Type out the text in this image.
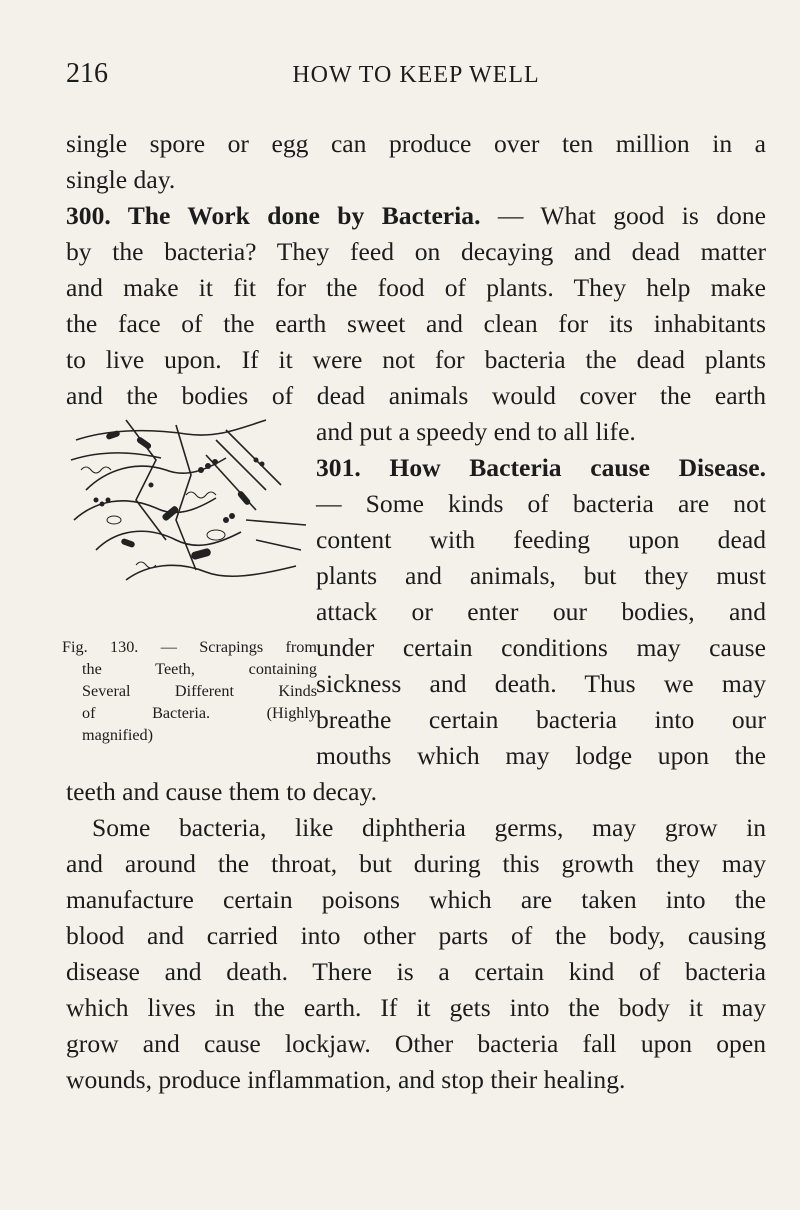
216	HOW TO KEEP WELL
single spore or egg can produce over ten million in a
single day.
300. The Work done by Bacteria. — What good is done
by the bacteria? They feed on decaying and dead matter
and make it fit for the food of plants. They help make
the face of the earth sweet and clean for its inhabitants
to live upon. If it were not for bacteria the dead plants
and the bodies of dead animals would cover the earth
and put a speedy end to all life.
301. How Bacteria cause Disease.
— Some kinds of bacteria are not
content with feeding upon dead
plants and animals, but they must
attack or enter our bodies, and
under certain conditions may cause
sickness and death. Thus we may
breathe certain bacteria into our
mouths which may lodge upon the
Fig. 130. — Scrapings from
the Teeth, containing
Several Different Kinds
of Bacteria. (Highly
magnified)
teeth and cause them to decay.
Some bacteria, like diphtheria germs, may grow in
and around the throat, but during this growth they may
manufacture certain poisons which are taken into the
blood and carried into other parts of the body, causing
disease and death. There is a certain kind of bacteria
which lives in the earth. If it gets into the body it may
grow and cause lockjaw. Other bacteria fall upon open
wounds, produce inflammation, and stop their healing.
